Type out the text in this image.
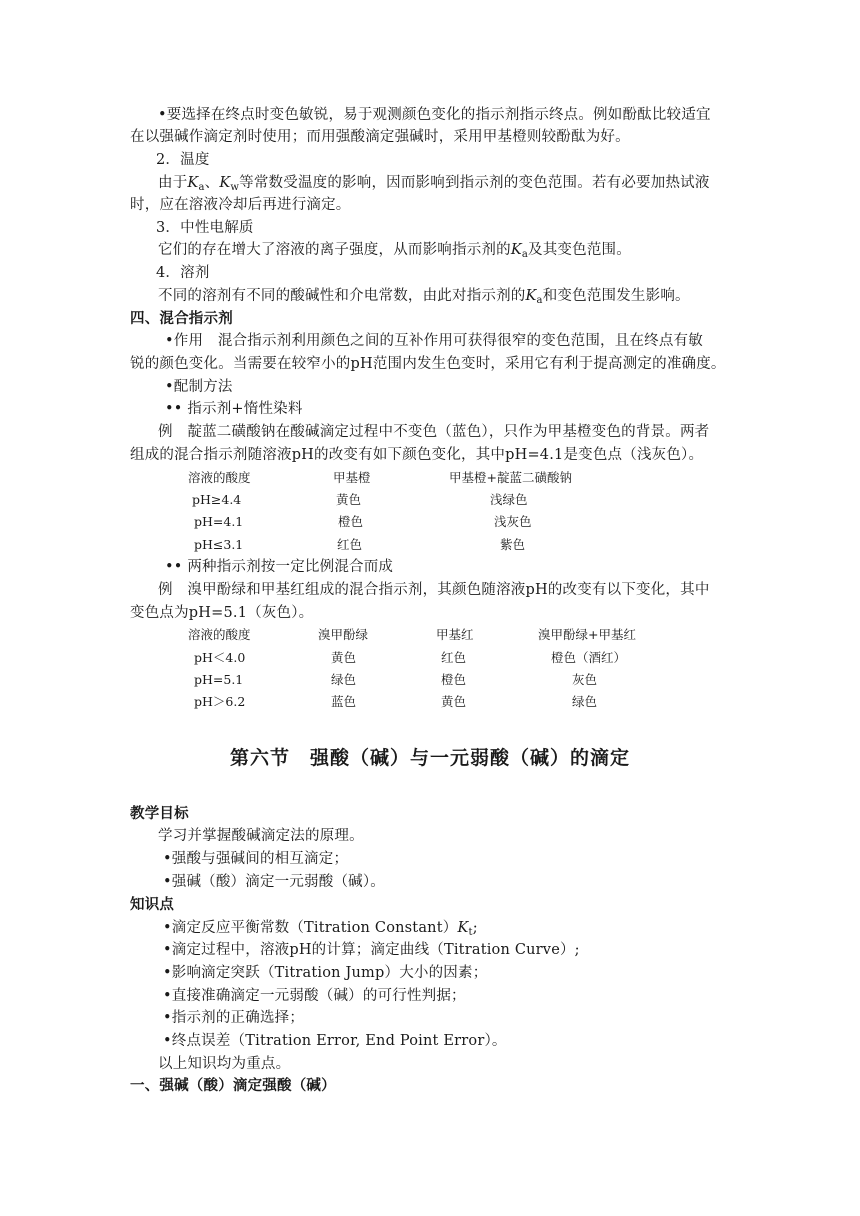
•要选择在终点时变色敏锐，易于观测颜色变化的指示剂指示终点。例如酚酞比较适宜
在以强碱作滴定剂时使用；而用强酸滴定强碱时，采用甲基橙则较酚酞为好。
2．温度
由于$K_a$、$K_w$等常数受温度的影响，因而影响到指示剂的变色范围。若有必要加热试液
时，应在溶液冷却后再进行滴定。
3．中性电解质
它们的存在增大了溶液的离子强度，从而影响指示剂的$K_a$及其变色范围。
4．溶剂
不同的溶剂有不同的酸碱性和介电常数，由此对指示剂的$K_a$和变色范围发生影响。
四、混合指示剂
•作用　混合指示剂利用颜色之间的互补作用可获得很窄的变色范围，且在终点有敏
锐的颜色变化。当需要在较窄小的pH范围内发生色变时，采用它有利于提高测定的准确度。
•配制方法
•• 指示剂+惰性染料
例　靛蓝二磺酸钠在酸碱滴定过程中不变色（蓝色），只作为甲基橙变色的背景。两者
组成的混合指示剂随溶液pH的改变有如下颜色变化，其中pH=4.1是变色点（浅灰色）。
溶液的酸度	甲基橙	甲基橙+靛蓝二磺酸钠
pH≥4.4	黄色	浅绿色
pH=4.1	橙色	浅灰色
pH≤3.1	红色	紫色
•• 两种指示剂按一定比例混合而成
例　溴甲酚绿和甲基红组成的混合指示剂，其颜色随溶液pH的改变有以下变化，其中
变色点为pH=5.1（灰色）。
溶液的酸度	溴甲酚绿	甲基红	溴甲酚绿+甲基红
pH＜4.0	黄色	红色	橙色（酒红）
pH=5.1	绿色	橙色	灰色
pH＞6.2	蓝色	黄色	绿色
第六节　强酸（碱）与一元弱酸（碱）的滴定
教学目标
学习并掌握酸碱滴定法的原理。
•强酸与强碱间的相互滴定；
•强碱（酸）滴定一元弱酸（碱）。
知识点
•滴定反应平衡常数（Titration $Constant)K_t$;
•滴定过程中，溶液pH的计算；滴定曲线（Titration Curve）;
•影响滴定突跃（Titration Jump）大小的因素；
•直接准确滴定一元弱酸（碱）的可行性判据；
•指示剂的正确选择；
•终点误差（Titration Error, End Point Error）。
以上知识均为重点。
一、强碱（酸）滴定强酸（碱）
